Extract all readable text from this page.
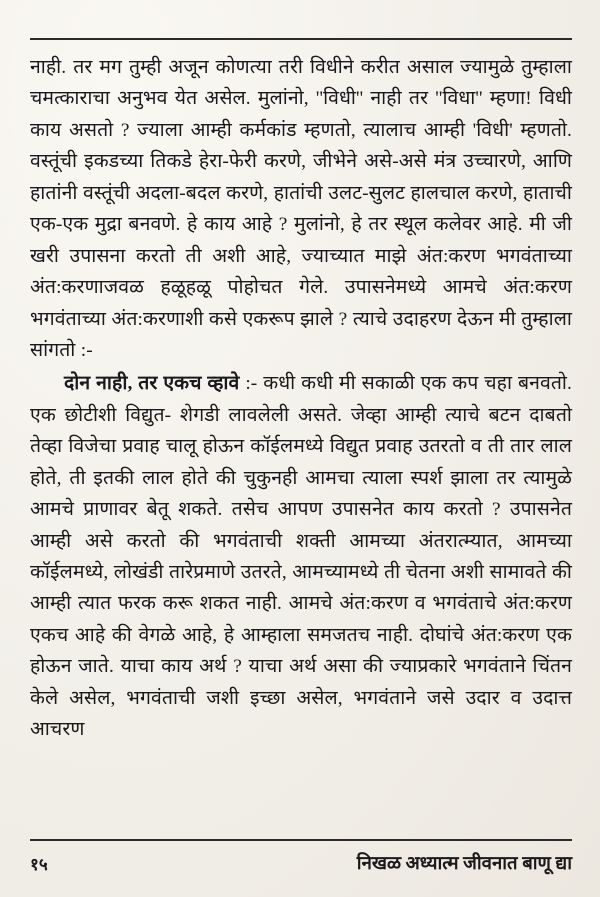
नाही. तर मग तुम्ही अजून कोणत्या तरी विधीने करीत असाल ज्यामुळे तुम्हाला चमत्काराचा अनुभव येत असेल. मुलांनो, ''विधी'' नाही तर ''विधा'' म्हणा! विधी काय असतो ? ज्याला आम्ही कर्मकांड म्हणतो, त्यालाच आम्ही 'विधी' म्हणतो. वस्तूंची इकडच्या तिकडे हेरा-फेरी करणे, जीभेने असे-असे मंत्र उच्चारणे, आणि हातांनी वस्तूंची अदला-बदल करणे, हातांची उलट-सुलट हालचाल करणे, हाताची एक-एक मुद्रा बनवणे. हे काय आहे ? मुलांनो, हे तर स्थूल कलेवर आहे. मी जी खरी उपासना करतो ती अशी आहे, ज्याच्यात माझे अंत:करण भगवंताच्या अंत:करणाजवळ हळूहळू पोहोचत गेले. उपासनेमध्ये आमचे अंत:करण भगवंताच्या अंत:करणाशी कसे एकरूप झाले ? त्याचे उदाहरण देऊन मी तुम्हाला सांगतो :-

दोन नाही, तर एकच व्हावे :- कधी कधी मी सकाळी एक कप चहा बनवतो. एक छोटीशी विद्युत- शेगडी लावलेली असते. जेव्हा आम्ही त्याचे बटन दाबतो तेव्हा विजेचा प्रवाह चालू होऊन कॉईलमध्ये विद्युत प्रवाह उतरतो व ती तार लाल होते, ती इतकी लाल होते की चुकुनही आमचा त्याला स्पर्श झाला तर त्यामुळे आमचे प्राणावर बेतू शकते. तसेच आपण उपासनेत काय करतो ? उपासनेत आम्ही असे करतो की भगवंताची शक्ती आमच्या अंतरात्म्यात, आमच्या कॉईलमध्ये, लोखंडी तारेप्रमाणे उतरते, आमच्यामध्ये ती चेतना अशी सामावते की आम्ही त्यात फरक करू शकत नाही. आमचे अंत:करण व भगवंताचे अंत:करण एकच आहे की वेगळे आहे, हे आम्हाला समजतच नाही. दोघांचे अंत:करण एक होऊन जाते. याचा काय अर्थ ? याचा अर्थ असा की ज्याप्रकारे भगवंताने चिंतन केले असेल, भगवंताची जशी इच्छा असेल, भगवंताने जसे उदार व उदात्त आचरण

१५	निखळ अध्यात्म जीवनात बाणू द्या
